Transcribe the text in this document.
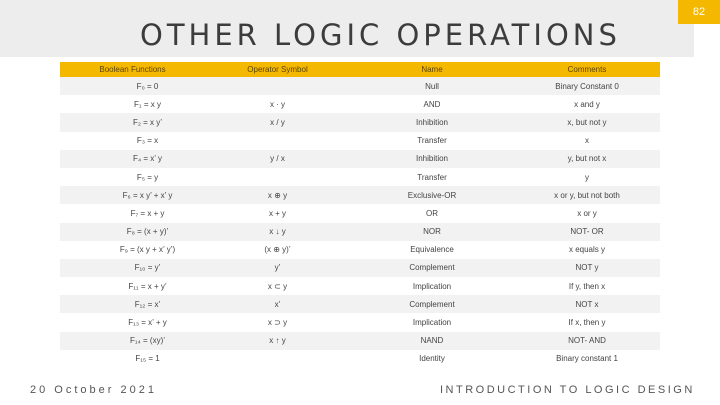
OTHER LOGIC OPERATIONS
82
Boolean Functions	Operator Symbol	Name	Comments
F₀ = 0		Null	Binary Constant 0
F₁ = x y	x · y	AND	x and y
F₂ = x y’	x / y	Inhibition	x, but not y
F₃ = x		Transfer	x
F₄ = x’ y	y / x	Inhibition	y, but not x
F₅ = y		Transfer	y
F₆ = x y’ + x’ y	x ⊕ y	Exclusive-OR	x or y, but not both
F₇ = x + y	x + y	OR	x or y
F₈ = (x + y)’	x ↓ y	NOR	NOT- OR
F₉ = (x y + x’ y’)	(x ⊕ y)’	Equivalence	x equals y
F₁₀ = y’	y’	Complement	NOT y
F₁₁ = x + y’	x ⊂ y	Implication	If y, then x
F₁₂ = x’	x’	Complement	NOT x
F₁₃ = x’ + y	x ⊃ y	Implication	If x, then y
F₁₄ = (xy)’	x ↑ y	NAND	NOT- AND
F₁₅ = 1		Identity	Binary constant 1
20 October 2021	INTRODUCTION TO LOGIC DESIGN
